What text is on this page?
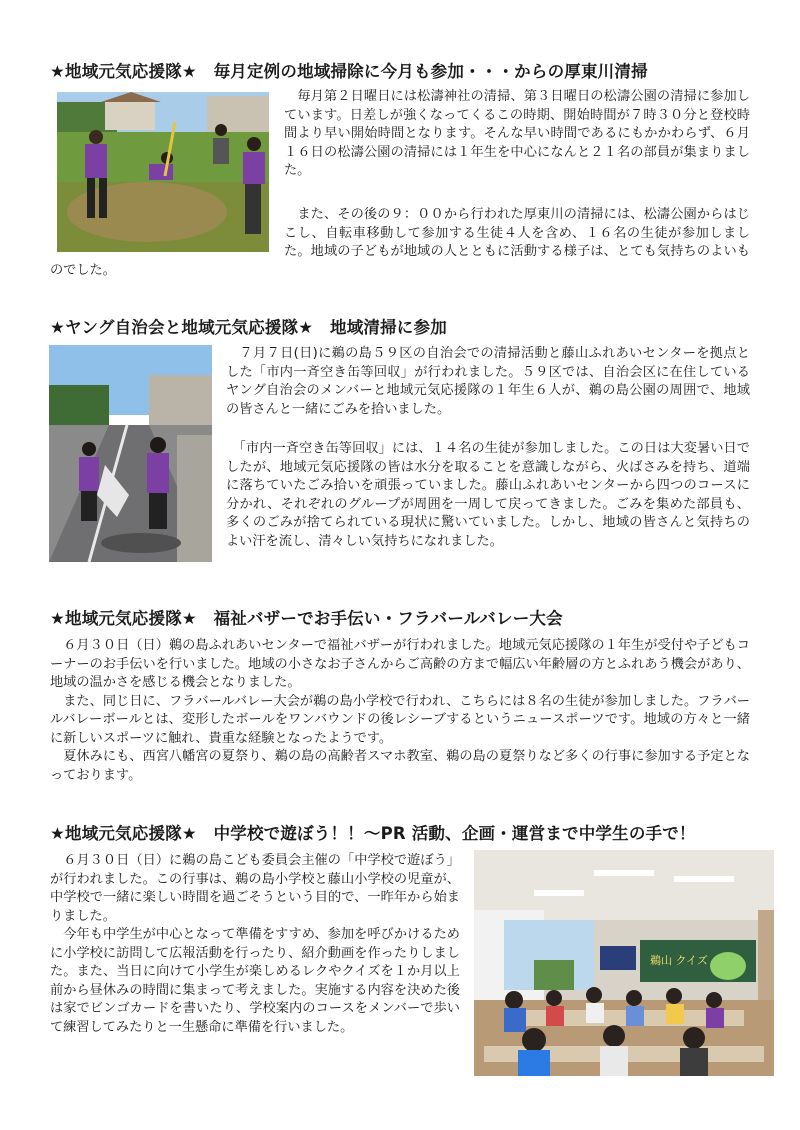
★地域元気応援隊★　毎月定例の地域掃除に今月も参加・・・からの厚東川清掃

　毎月第２日曜日には松濤神社の清掃、第３日曜日の松濤公園の清掃に参加しています。日差しが強くなってくるこの時期、開始時間が７時３０分と登校時間より早い開始時間となります。そんな早い時間であるにもかかわらず、６月１６日の松濤公園の清掃には１年生を中心になんと２１名の部員が集まりました。

　また、その後の９：００から行われた厚東川の清掃には、松濤公園からはじこし、自転車移動して参加する生徒４人を含め、１６名の生徒が参加しました。地域の子どもが地域の人とともに活動する様子は、とても気持ちのよいものでした。

★ヤング自治会と地域元気応援隊★　地域清掃に参加

　７月７日(日)に鵜の島５９区の自治会での清掃活動と藤山ふれあいセンターを拠点とした「市内一斉空き缶等回収」が行われました。５９区では、自治会区に在住しているヤング自治会のメンバーと地域元気応援隊の１年生６人が、鵜の島公園の周囲で、地域の皆さんと一緒にごみを拾いました。

　「市内一斉空き缶等回収」には、１４名の生徒が参加しました。この日は大変暑い日でしたが、地域元気応援隊の皆は水分を取ることを意識しながら、火ばさみを持ち、道端に落ちていたごみ拾いを頑張っていました。藤山ふれあいセンターから四つのコースに分かれ、それぞれのグループが周囲を一周して戻ってきました。ごみを集めた部員も、多くのごみが捨てられている現状に驚いていました。しかし、地域の皆さんと気持ちのよい汗を流し、清々しい気持ちになれました。

★地域元気応援隊★　福祉バザーでお手伝い・フラバールバレー大会

　６月３０日（日）鵜の島ふれあいセンターで福祉バザーが行われました。地域元気応援隊の１年生が受付や子どもコーナーのお手伝いを行いました。地域の小さなお子さんからご高齢の方まで幅広い年齢層の方とふれあう機会があり、地域の温かさを感じる機会となりました。

　また、同じ日に、フラバールバレー大会が鵜の島小学校で行われ、こちらには８名の生徒が参加しました。フラバールバレーボールとは、変形したボールをワンバウンドの後レシーブするというニュースポーツです。地域の方々と一緒に新しいスポーツに触れ、貴重な経験となったようです。

　夏休みにも、西宮八幡宮の夏祭り、鵜の島の高齢者スマホ教室、鵜の島の夏祭りなど多くの行事に参加する予定となっております。

★地域元気応援隊★　中学校で遊ぼう！！～PR 活動、企画・運営まで中学生の手で！

　６月３０日（日）に鵜の島こども委員会主催の「中学校で遊ぼう」が行われました。この行事は、鵜の島小学校と藤山小学校の児童が、中学校で一緒に楽しい時間を過ごそうという目的で、一昨年から始まりました。

　今年も中学生が中心となって準備をすすめ、参加を呼びかけるために小学校に訪問して広報活動を行ったり、紹介動画を作ったりしました。また、当日に向けて小学生が楽しめるレクやクイズを１か月以上前から昼休みの時間に集まって考えました。実施する内容を決めた後は家でビンゴカードを書いたり、学校案内のコースをメンバーで歩いて練習してみたりと一生懸命に準備を行いました。

鵜山 クイズ
